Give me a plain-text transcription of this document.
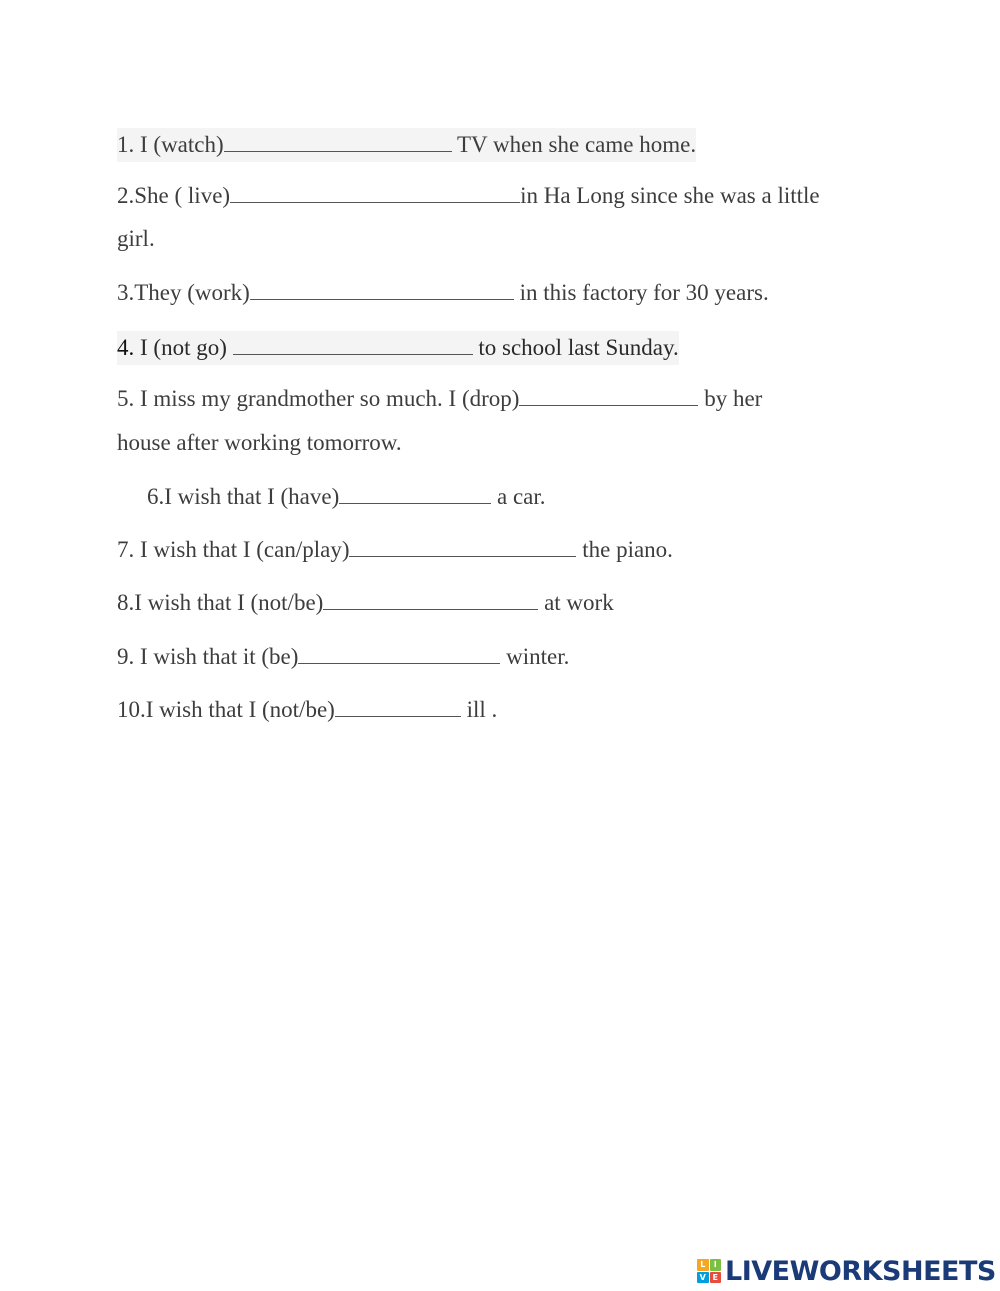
1. I (watch)	TV when she came home.
2.She ( live)	in Ha Long since she was a little
girl.
3.They (work)	in this factory for 30 years.
4. I (not go)	to school last Sunday.
5. I miss my grandmother so much. I (drop)	by her
house after working tomorrow.
6.I wish that I (have)	a car.
7. I wish that I (can/play)	the piano.
8.I wish that I (not/be)	at work
9. I wish that it (be)	winter.
10.I wish that I (not/be)	ill .
L	I
V E LIVEWORKSHEETS
